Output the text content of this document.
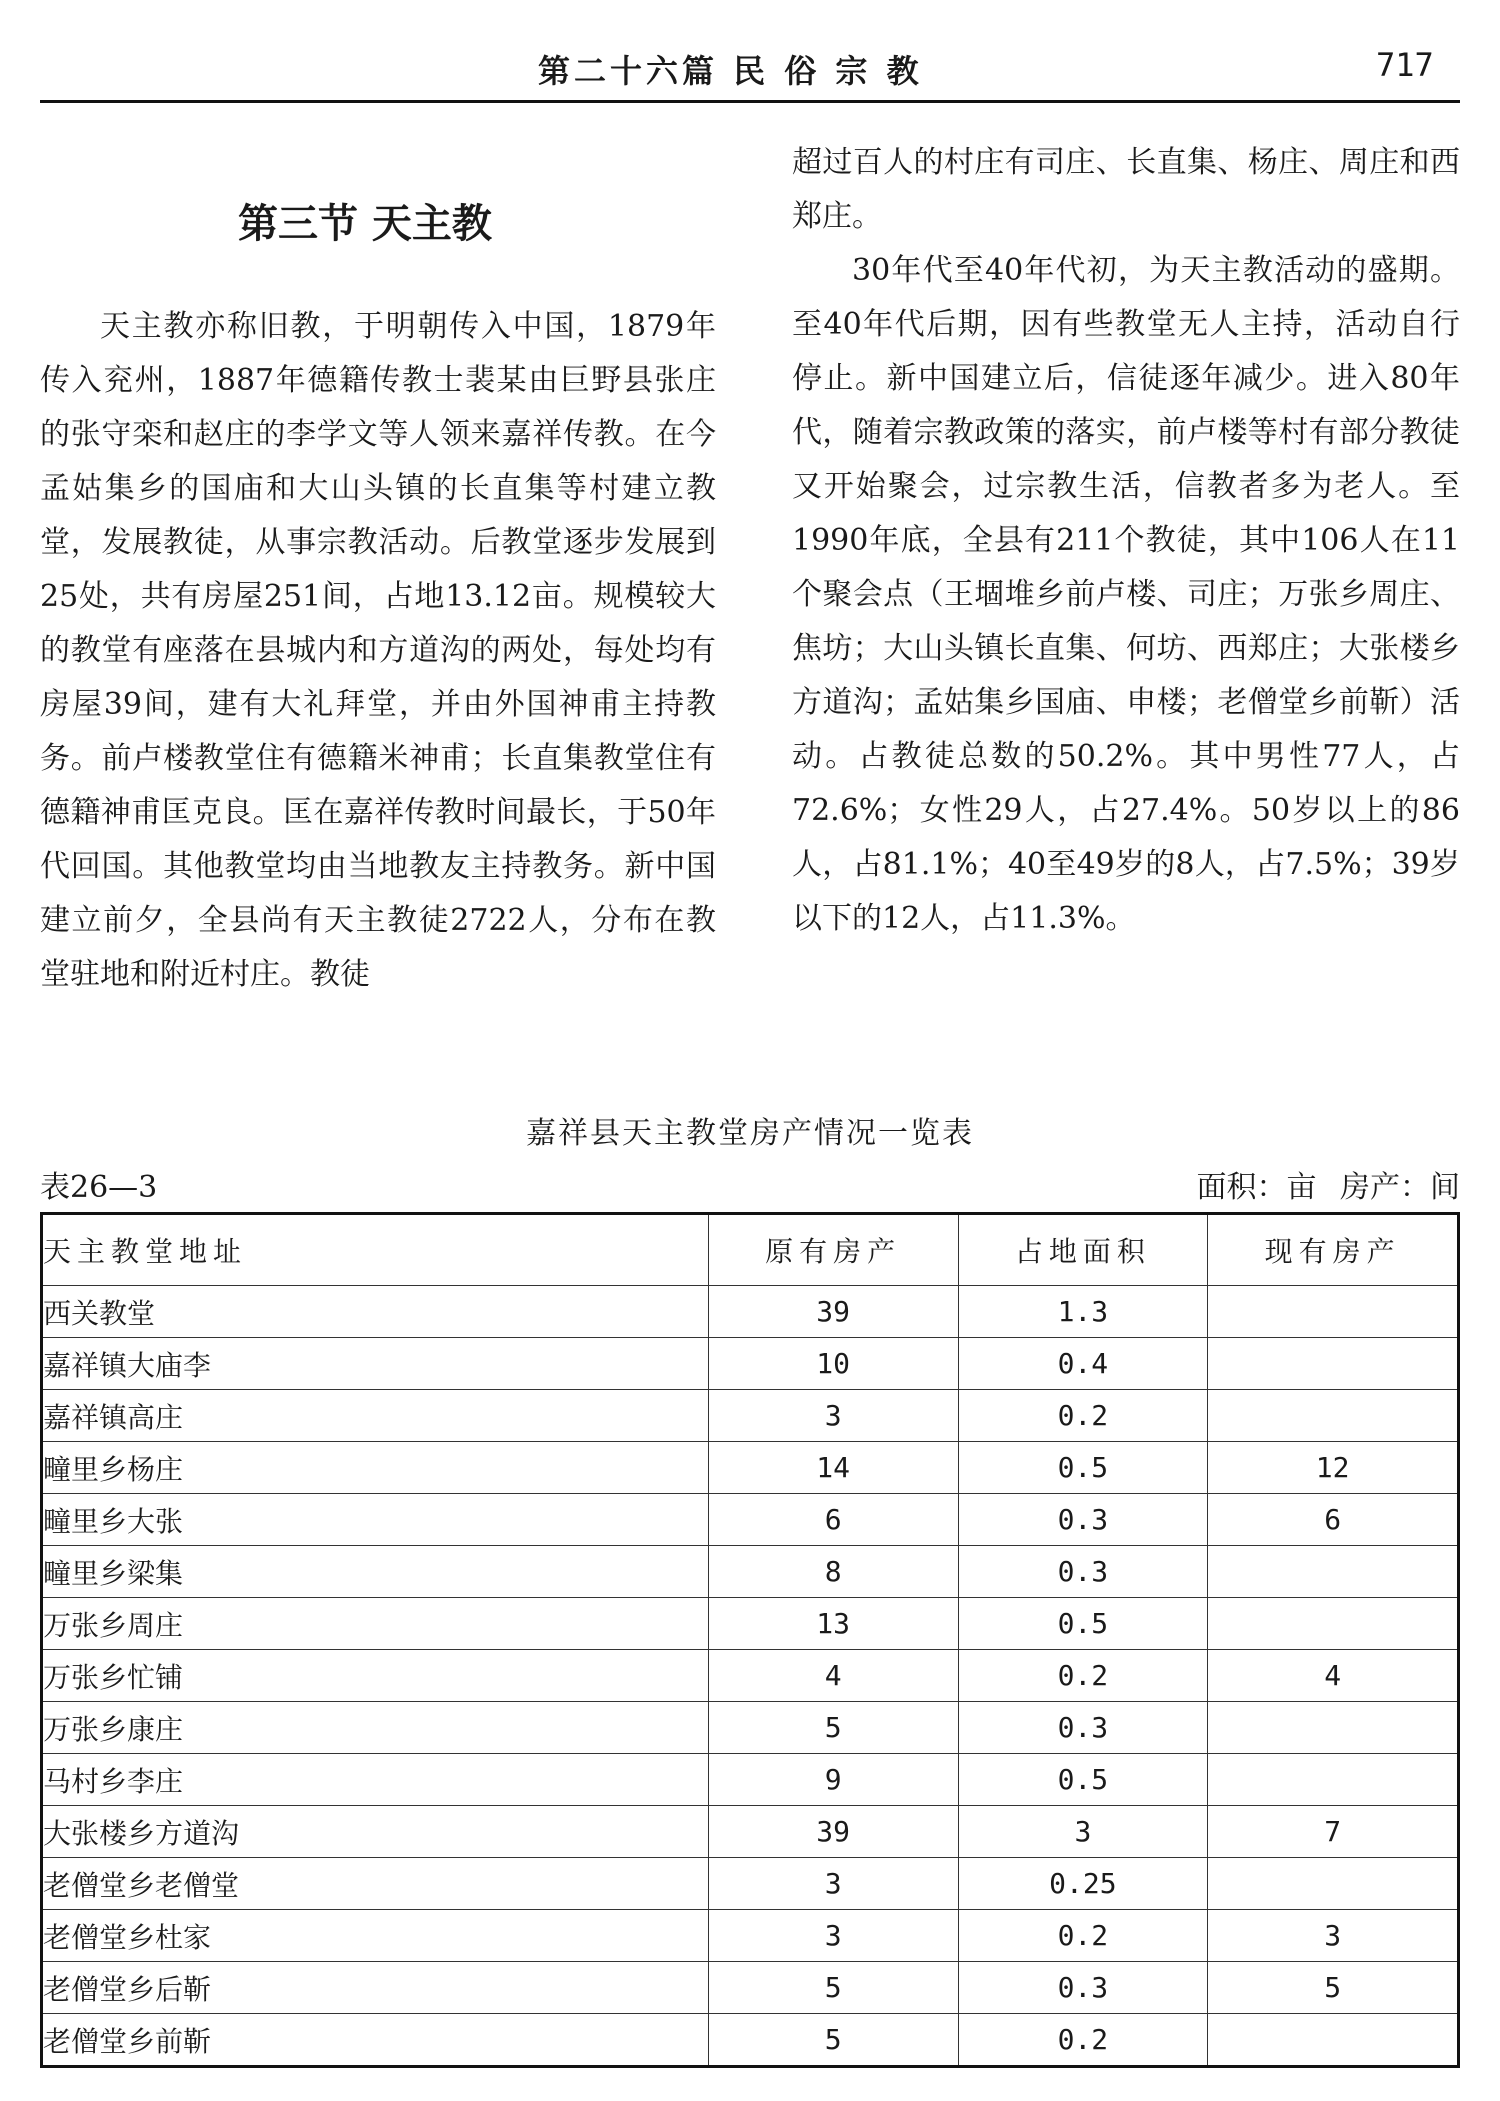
第二十六篇 民 俗 宗 教	717
第三节 天主教

天主教亦称旧教，于明朝传入中国，1879年传入兖州，1887年德籍传教士裴某由巨野县张庄的张守栾和赵庄的李学文等人领来嘉祥传教。在今孟姑集乡的国庙和大山头镇的长直集等村建立教堂，发展教徒，从事宗教活动。后教堂逐步发展到25处，共有房屋251间，占地13.12亩。规模较大的教堂有座落在县城内和方道沟的两处，每处均有房屋39间，建有大礼拜堂，并由外国神甫主持教务。前卢楼教堂住有德籍米神甫；长直集教堂住有德籍神甫匡克良。匡在嘉祥传教时间最长，于50年代回国。其他教堂均由当地教友主持教务。新中国建立前夕，全县尚有天主教徒2722人，分布在教堂驻地和附近村庄。教徒

超过百人的村庄有司庄、长直集、杨庄、周庄和西郑庄。

30年代至40年代初，为天主教活动的盛期。至40年代后期，因有些教堂无人主持，活动自行停止。新中国建立后，信徒逐年减少。进入80年代，随着宗教政策的落实，前卢楼等村有部分教徒又开始聚会，过宗教生活，信教者多为老人。至1990年底，全县有211个教徒，其中106人在11个聚会点（王堌堆乡前卢楼、司庄；万张乡周庄、焦坊；大山头镇长直集、何坊、西郑庄；大张楼乡方道沟；孟姑集乡国庙、申楼；老僧堂乡前靳）活动。占教徒总数的50.2%。其中男性77人，占72.6%；女性29人，占27.4%。50岁以上的86人，占81.1%；40至49岁的8人，占7.5%；39岁以下的12人，占11.3%。

嘉祥县天主教堂房产情况一览表
表26—3	面积：亩 房产：间
天主教堂地址	原有房产	占地面积	现有房产
西关教堂	39	1.3	
嘉祥镇大庙李	10	0.4	
嘉祥镇高庄	3	0.2	
疃里乡杨庄	14	0.5	12
疃里乡大张	6	0.3	6
疃里乡梁集	8	0.3	
万张乡周庄	13	0.5	
万张乡忙铺	4	0.2	4
万张乡康庄	5	0.3	
马村乡李庄	9	0.5	
大张楼乡方道沟	39	3	7
老僧堂乡老僧堂	3	0.25	
老僧堂乡杜家	3	0.2	3
老僧堂乡后靳	5	0.3	5
老僧堂乡前靳	5	0.2	
